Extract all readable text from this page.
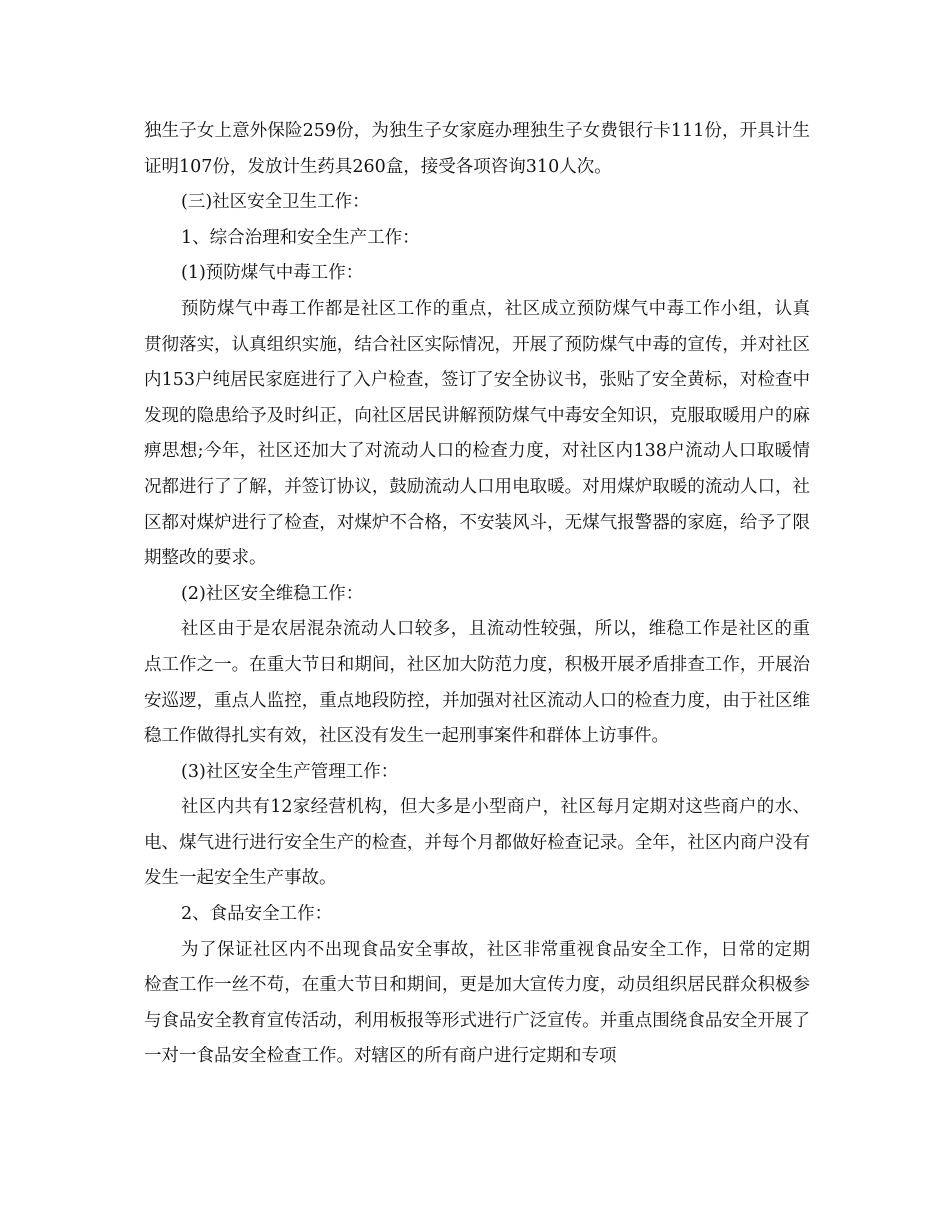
独生子女上意外保险259份，为独生子女家庭办理独生子女费银行卡111份，开具计生证明107份，发放计生药具260盒，接受各项咨询310人次。

(三)社区安全卫生工作：

1、综合治理和安全生产工作：

(1)预防煤气中毒工作：

预防煤气中毒工作都是社区工作的重点，社区成立预防煤气中毒工作小组，认真贯彻落实，认真组织实施，结合社区实际情况，开展了预防煤气中毒的宣传，并对社区内153户纯居民家庭进行了入户检查，签订了安全协议书，张贴了安全黄标，对检查中发现的隐患给予及时纠正，向社区居民讲解预防煤气中毒安全知识，克服取暖用户的麻痹思想;今年，社区还加大了对流动人口的检查力度，对社区内138户流动人口取暖情况都进行了了解，并签订协议，鼓励流动人口用电取暖。对用煤炉取暖的流动人口，社区都对煤炉进行了检查，对煤炉不合格，不安装风斗，无煤气报警器的家庭，给予了限期整改的要求。

(2)社区安全维稳工作：

社区由于是农居混杂流动人口较多，且流动性较强，所以，维稳工作是社区的重点工作之一。在重大节日和期间，社区加大防范力度，积极开展矛盾排查工作，开展治安巡逻，重点人监控，重点地段防控，并加强对社区流动人口的检查力度，由于社区维稳工作做得扎实有效，社区没有发生一起刑事案件和群体上访事件。

(3)社区安全生产管理工作：

社区内共有12家经营机构，但大多是小型商户，社区每月定期对这些商户的水、电、煤气进行进行安全生产的检查，并每个月都做好检查记录。全年，社区内商户没有发生一起安全生产事故。

2、食品安全工作：

为了保证社区内不出现食品安全事故，社区非常重视食品安全工作，日常的定期检查工作一丝不苟，在重大节日和期间，更是加大宣传力度，动员组织居民群众积极参与食品安全教育宣传活动，利用板报等形式进行广泛宣传。并重点围绕食品安全开展了一对一食品安全检查工作。对辖区的所有商户进行定期和专项
